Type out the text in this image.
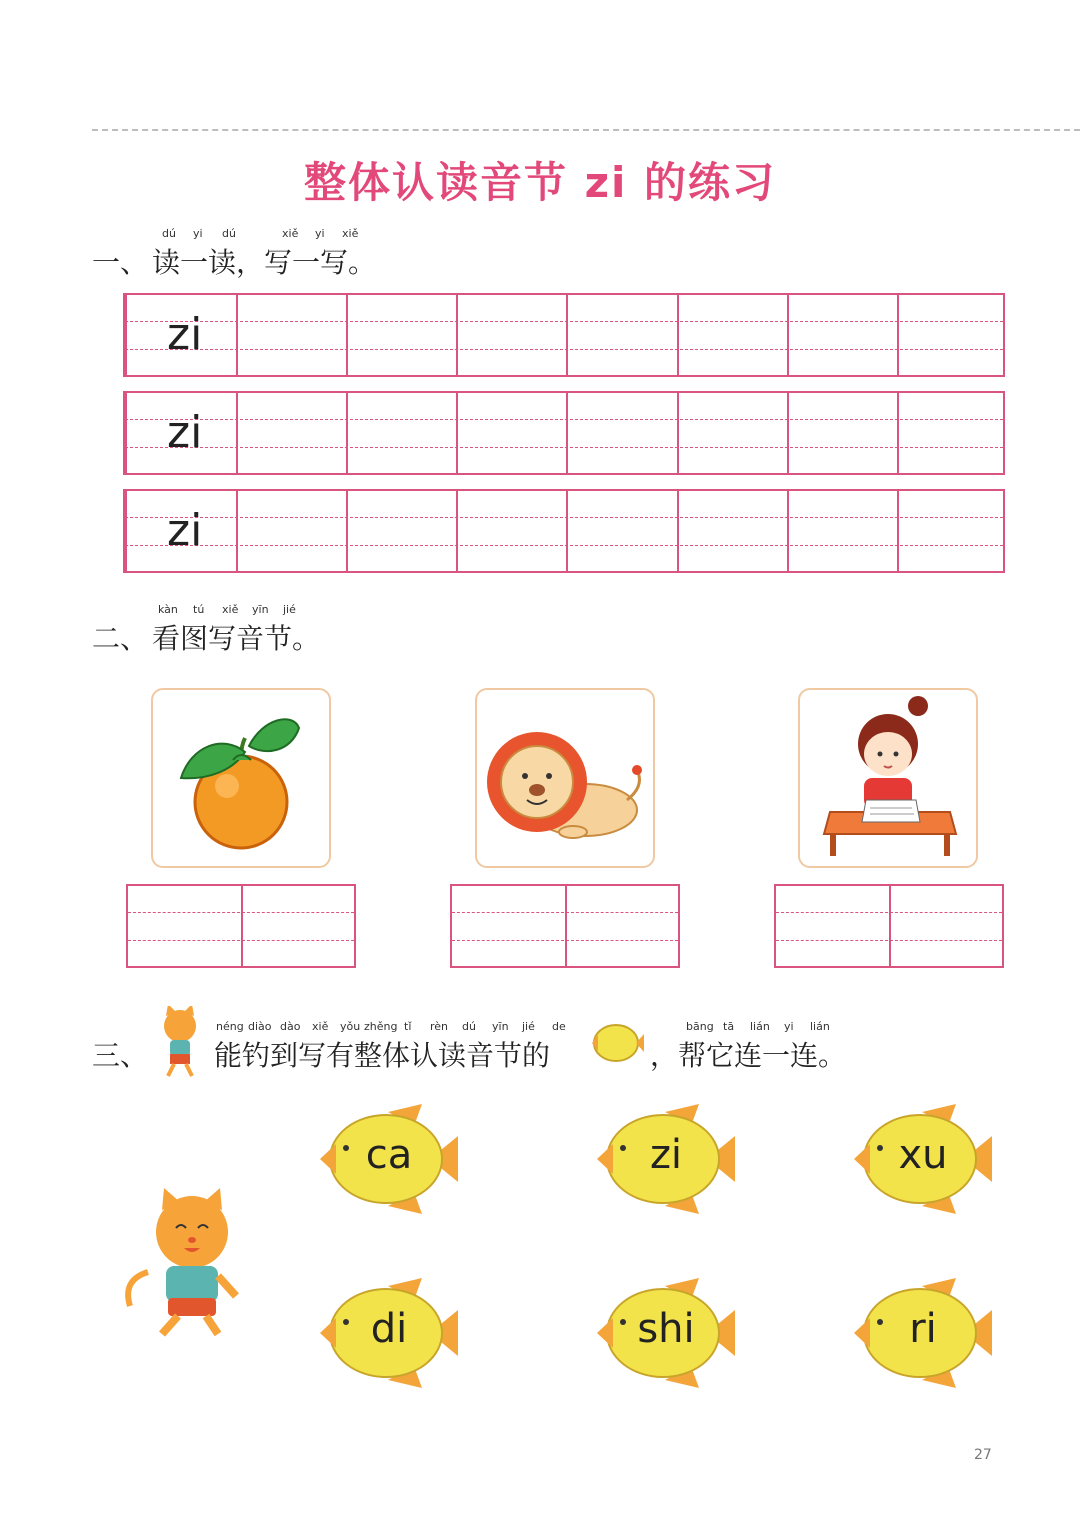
整体认读音节 zi 的练习
一、
dú yi dú	xiě yi xiě
读一读，写一写。
zi
zi
zi
二、
kàn tú xiě yīn jié
看图写音节。
三、
néng diào dào xiě yǒu zhěng tǐ rèn dú yīn jié de
能钓到写有整体认读音节的
bāng tā lián yi lián
，帮它连一连。
ca	zi	xu
di	shi	ri
27
